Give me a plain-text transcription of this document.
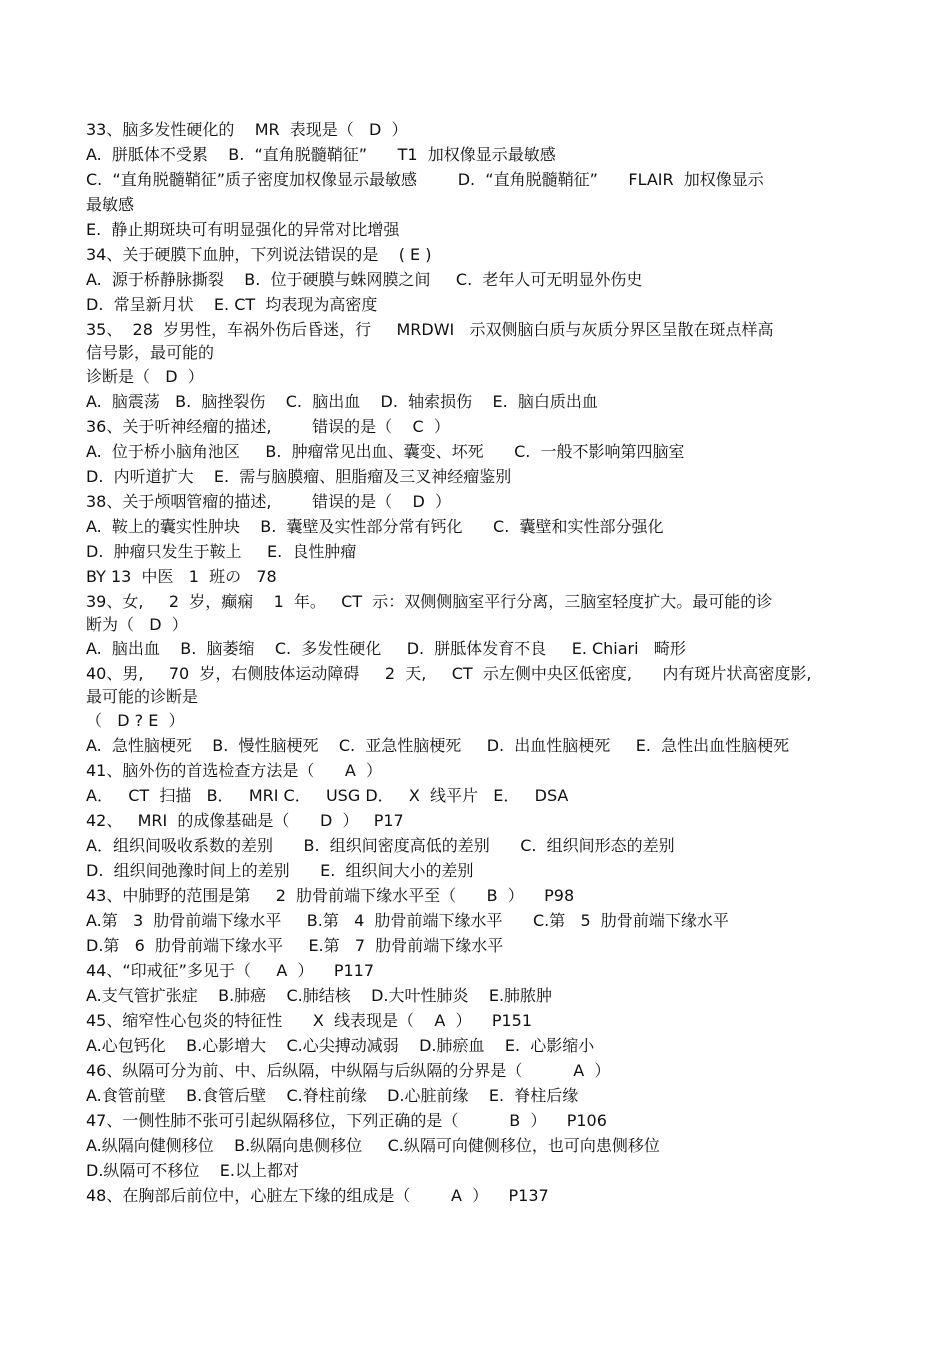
33、脑多发性硬化的    MR  表现是（   D  ）
A.  胼胝体不受累    B.  “直角脱髓鞘征”      T1  加权像显示最敏感
C.  “直角脱髓鞘征”质子密度加权像显示最敏感        D.  “直角脱髓鞘征”      FLAIR  加权像显示
最敏感
E.  静止期斑块可有明显强化的异常对比增强
34、关于硬膜下血肿，下列说法错误的是    ( E )
A.  源于桥静脉撕裂    B.  位于硬膜与蛛网膜之间     C.  老年人可无明显外伤史
D.  常呈新月状    E. CT  均表现为高密度
35、  28  岁男性，车祸外伤后昏迷，行     MRDWI   示双侧脑白质与灰质分界区呈散在斑点样高
信号影，最可能的
诊断是（   D  ）
A.  脑震荡   B.  脑挫裂伤    C.  脑出血    D.  轴索损伤    E.  脑白质出血
36、关于听神经瘤的描述,        错误的是（    C  ）
A.  位于桥小脑角池区     B.  肿瘤常见出血、囊变、坏死      C.  一般不影响第四脑室
D.  内听道扩大    E.  需与脑膜瘤、胆脂瘤及三叉神经瘤鉴别
38、关于颅咽管瘤的描述,        错误的是（    D  ）
A.  鞍上的囊实性肿块    B.  囊壁及实性部分常有钙化      C.  囊壁和实性部分强化
D.  肿瘤只发生于鞍上     E.  良性肿瘤
BY 13  中医   1  班の   78
39、女,     2  岁，癫痫    1  年。   CT  示：双侧侧脑室平行分离，三脑室轻度扩大。最可能的诊
断为（   D  ）
A.  脑出血    B.  脑萎缩    C.  多发性硬化     D.  胼胝体发育不良     E. Chiari   畸形
40、男,     70  岁，右侧肢体运动障碍     2  天,     CT  示左侧中央区低密度,      内有斑片状高密度影,
最可能的诊断是
（   D ? E  ）
A.  急性脑梗死    B.  慢性脑梗死    C.  亚急性脑梗死     D.  出血性脑梗死     E.  急性出血性脑梗死
41、脑外伤的首选检查方法是（      A  ）
A．   CT  扫描   B．   MRI C．   USG D．   X  线平片   E．   DSA
42、   MRI  的成像基础是（      D  ）   P17
A．组织间吸收系数的差别      B.  组织间密度高低的差别      C.  组织间形态的差别
D.  组织间弛豫时间上的差别      E.  组织间大小的差别
43、中肺野的范围是第     2  肋骨前端下缘水平至（      B  ）    P98
A.第   3  肋骨前端下缘水平     B.第   4  肋骨前端下缘水平      C.第   5  肋骨前端下缘水平
D.第   6  肋骨前端下缘水平     E.第   7  肋骨前端下缘水平
44、“印戒征”多见于（     A  ）    P117
A.支气管扩张症    B.肺癌    C.肺结核    D.大叶性肺炎    E.肺脓肿
45、缩窄性心包炎的特征性      X  线表现是（    A  ）    P151
A.心包钙化    B.心影增大    C.心尖搏动减弱    D.肺瘀血    E.  心影缩小
46、纵隔可分为前、中、后纵隔，中纵隔与后纵隔的分界是（          A  ）
A.食管前壁    B.食管后壁    C.脊柱前缘    D.心脏前缘    E.  脊柱后缘
47、一侧性肺不张可引起纵隔移位，下列正确的是（          B  ）    P106
A.纵隔向健侧移位    B.纵隔向患侧移位     C.纵隔可向健侧移位，也可向患侧移位
D.纵隔可不移位    E.以上都对
48、在胸部后前位中，心脏左下缘的组成是（        A  ）    P137
